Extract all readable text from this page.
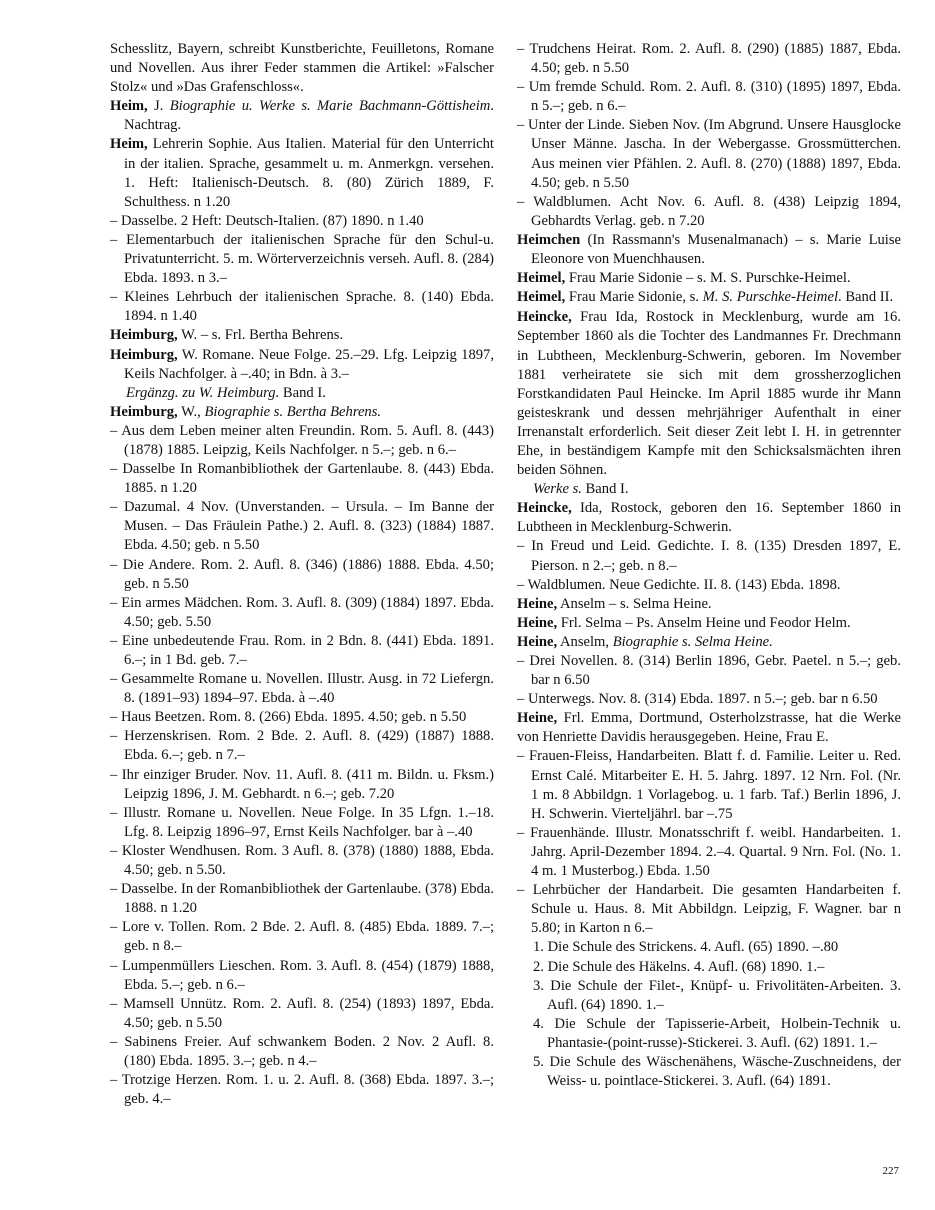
Schesslitz, Bayern, schreibt Kunstberichte, Feuilletons, Romane und Novellen. Aus ihrer Feder stammen die Artikel: »Falscher Stolz« und »Das Grafenschloss«.

Heim, J. Biographie u. Werke s. Marie Bachmann-Göttisheim. Nachtrag.

Heim, Lehrerin Sophie. Aus Italien. Material für den Unterricht in der italien. Sprache, gesammelt u. m. Anmerkgn. versehen. 1. Heft: Italienisch-Deutsch. 8. (80) Zürich 1889, F. Schulthess. n 1.20

– Dasselbe. 2 Heft: Deutsch-Italien. (87) 1890. n 1.40

– Elementarbuch der italienischen Sprache für den Schul-u. Privatunterricht. 5. m. Wörterverzeichnis verseh. Aufl. 8. (284) Ebda. 1893. n 3.–

– Kleines Lehrbuch der italienischen Sprache. 8. (140) Ebda. 1894. n 1.40

Heimburg, W. – s. Frl. Bertha Behrens.

Heimburg, W. Romane. Neue Folge. 25.–29. Lfg. Leipzig 1897, Keils Nachfolger. à –.40; in Bdn. à 3.–

Ergänzg. zu W. Heimburg. Band I.

Heimburg, W., Biographie s. Bertha Behrens.

– Aus dem Leben meiner alten Freundin. Rom. 5. Aufl. 8. (443) (1878) 1885. Leipzig, Keils Nachfolger. n 5.–; geb. n 6.–

– Dasselbe In Romanbibliothek der Gartenlaube. 8. (443) Ebda. 1885. n 1.20

– Dazumal. 4 Nov. (Unverstanden. – Ursula. – Im Banne der Musen. – Das Fräulein Pathe.) 2. Aufl. 8. (323) (1884) 1887. Ebda. 4.50; geb. n 5.50

– Die Andere. Rom. 2. Aufl. 8. (346) (1886) 1888. Ebda. 4.50; geb. n 5.50

– Ein armes Mädchen. Rom. 3. Aufl. 8. (309) (1884) 1897. Ebda. 4.50; geb. 5.50

– Eine unbedeutende Frau. Rom. in 2 Bdn. 8. (441) Ebda. 1891. 6.–; in 1 Bd. geb. 7.–

– Gesammelte Romane u. Novellen. Illustr. Ausg. in 72 Liefergn. 8. (1891–93) 1894–97. Ebda. à –.40

– Haus Beetzen. Rom. 8. (266) Ebda. 1895. 4.50; geb. n 5.50

– Herzenskrisen. Rom. 2 Bde. 2. Aufl. 8. (429) (1887) 1888. Ebda. 6.–; geb. n 7.–

– Ihr einziger Bruder. Nov. 11. Aufl. 8. (411 m. Bildn. u. Fksm.) Leipzig 1896, J. M. Gebhardt. n 6.–; geb. 7.20

– Illustr. Romane u. Novellen. Neue Folge. In 35 Lfgn. 1.–18. Lfg. 8. Leipzig 1896–97, Ernst Keils Nachfolger. bar à –.40

– Kloster Wendhusen. Rom. 3 Aufl. 8. (378) (1880) 1888, Ebda. 4.50; geb. n 5.50.

– Dasselbe. In der Romanbibliothek der Gartenlaube. (378) Ebda. 1888. n 1.20

– Lore v. Tollen. Rom. 2 Bde. 2. Aufl. 8. (485) Ebda. 1889. 7.–; geb. n 8.–

– Lumpenmüllers Lieschen. Rom. 3. Aufl. 8. (454) (1879) 1888, Ebda. 5.–; geb. n 6.–

– Mamsell Unnütz. Rom. 2. Aufl. 8. (254) (1893) 1897, Ebda. 4.50; geb. n 5.50

– Sabinens Freier. Auf schwankem Boden. 2 Nov. 2 Aufl. 8. (180) Ebda. 1895. 3.–; geb. n 4.–

– Trotzige Herzen. Rom. 1. u. 2. Aufl. 8. (368) Ebda. 1897. 3.–; geb. 4.–

– Trudchens Heirat. Rom. 2. Aufl. 8. (290) (1885) 1887, Ebda. 4.50; geb. n 5.50

– Um fremde Schuld. Rom. 2. Aufl. 8. (310) (1895) 1897, Ebda. n 5.–; geb. n 6.–

– Unter der Linde. Sieben Nov. (Im Abgrund. Unsere Hausglocke Unser Männe. Jascha. In der Webergasse. Grossmütterchen. Aus meinen vier Pfählen. 2. Aufl. 8. (270) (1888) 1897, Ebda. 4.50; geb. n 5.50

– Waldblumen. Acht Nov. 6. Aufl. 8. (438) Leipzig 1894, Gebhardts Verlag. geb. n 7.20

Heimchen (In Rassmann's Musenalmanach) – s. Marie Luise Eleonore von Muenchhausen.

Heimel, Frau Marie Sidonie – s. M. S. Purschke-Heimel.

Heimel, Frau Marie Sidonie, s. M. S. Purschke-Heimel. Band II.

Heincke, Frau Ida, Rostock in Mecklenburg, wurde am 16. September 1860 als die Tochter des Landmannes Fr. Drechmann in Lubtheen, Mecklenburg-Schwerin, geboren. Im November 1881 verheiratete sie sich mit dem grossherzoglichen Forstkandidaten Paul Heincke. Im April 1885 wurde ihr Mann geisteskrank und dessen mehrjähriger Aufenthalt in einer Irrenanstalt erforderlich. Seit dieser Zeit lebt I. H. in getrennter Ehe, in beständigem Kampfe mit den Schicksalsmächten ihren beiden Söhnen.

Werke s. Band I.

Heincke, Ida, Rostock, geboren den 16. September 1860 in Lubtheen in Mecklenburg-Schwerin.

– In Freud und Leid. Gedichte. I. 8. (135) Dresden 1897, E. Pierson. n 2.–; geb. n 8.–

– Waldblumen. Neue Gedichte. II. 8. (143) Ebda. 1898.

Heine, Anselm – s. Selma Heine.

Heine, Frl. Selma – Ps. Anselm Heine und Feodor Helm.

Heine, Anselm, Biographie s. Selma Heine.

– Drei Novellen. 8. (314) Berlin 1896, Gebr. Paetel. n 5.–; geb. bar n 6.50

– Unterwegs. Nov. 8. (314) Ebda. 1897. n 5.–; geb. bar n 6.50

Heine, Frl. Emma, Dortmund, Osterholzstrasse, hat die Werke von Henriette Davidis herausgegeben. Heine, Frau E.

– Frauen-Fleiss, Handarbeiten. Blatt f. d. Familie. Leiter u. Red. Ernst Calé. Mitarbeiter E. H. 5. Jahrg. 1897. 12 Nrn. Fol. (Nr. 1 m. 8 Abbildgn. 1 Vorlagebog. u. 1 farb. Taf.) Berlin 1896, J. H. Schwerin. Vierteljährl. bar –.75

– Frauenhände. Illustr. Monatsschrift f. weibl. Handarbeiten. 1. Jahrg. April-Dezember 1894. 2.–4. Quartal. 9 Nrn. Fol. (No. 1. 4 m. 1 Musterbog.) Ebda. 1.50

– Lehrbücher der Handarbeit. Die gesamten Handarbeiten f. Schule u. Haus. 8. Mit Abbildgn. Leipzig, F. Wagner. bar n 5.80; in Karton n 6.–

1. Die Schule des Strickens. 4. Aufl. (65) 1890. –.80

2. Die Schule des Häkelns. 4. Aufl. (68) 1890. 1.–

3. Die Schule der Filet-, Knüpf- u. Frivolitäten-Arbeiten. 3. Aufl. (64) 1890. 1.–

4. Die Schule der Tapisserie-Arbeit, Holbein-Technik u. Phantasie-(point-russe)-Stickerei. 3. Aufl. (62) 1891. 1.–

5. Die Schule des Wäschenähens, Wäsche-Zuschneidens, der Weiss- u. pointlace-Stickerei. 3. Aufl. (64) 1891.

227
